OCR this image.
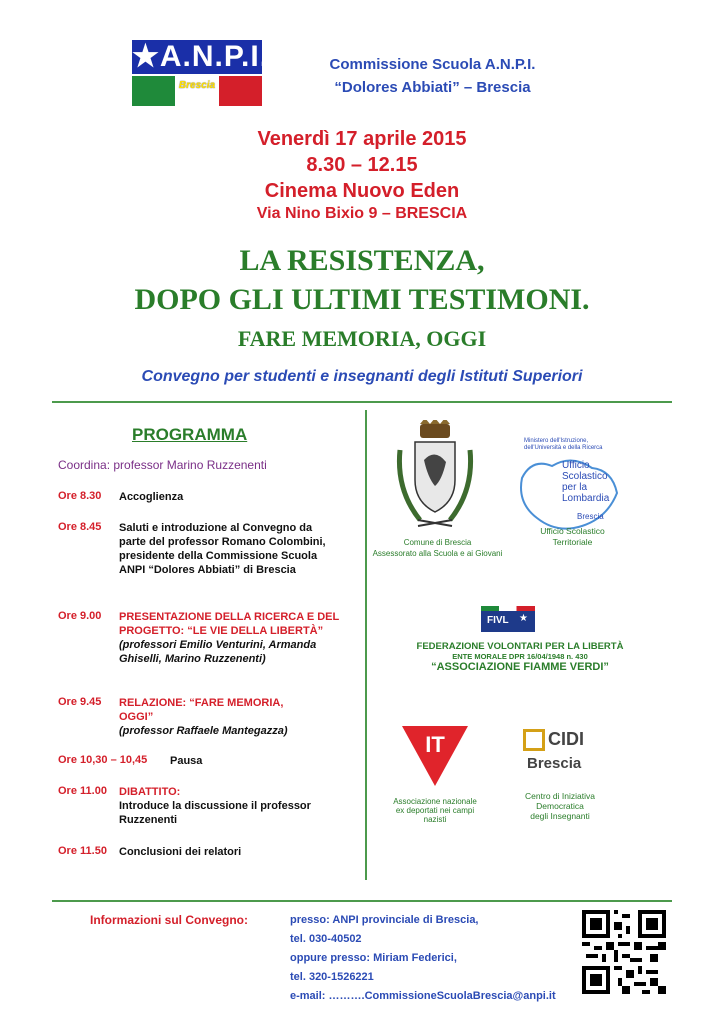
★A.N.P.I.
Brescia
Commissione Scuola A.N.P.I.
“Dolores Abbiati” – Brescia
Venerdì 17 aprile 2015
8.30 – 12.15
Cinema Nuovo Eden
Via Nino Bixio 9 – BRESCIA
LA RESISTENZA,
DOPO GLI ULTIMI TESTIMONI.
FARE MEMORIA, OGGI
Convegno per studenti e insegnanti degli Istituti Superiori
PROGRAMMA
Coordina: professor Marino Ruzzenenti
Ore 8.30 Accoglienza
Ore 8.45 Saluti e introduzione al Convegno da parte del professor Romano Colombini, presidente della Commissione Scuola ANPI “Dolores Abbiati” di Brescia
Ore 9.00 PRESENTAZIONE DELLA RICERCA E DEL PROGETTO: “LE VIE DELLA LIBERTÀ” (professori Emilio Venturini, Armanda Ghiselli, Marino Ruzzenenti)
Ore 9.45 RELAZIONE: “FARE MEMORIA, OGGI”
(professor Raffaele Mantegazza)
Ore 10,30 – 10,45 Pausa
Ore 11.00 DIBATTITO:
Introduce la discussione il professor Ruzzenenti
Ore 11.50 Conclusioni dei relatori
Comune di Brescia
Assessorato alla Scuola e ai Giovani
Ministero dell'Istruzione,
dell'Università e della Ricerca
Ufficio
Scolastico
per la
Lombardia
Brescia
Ufficio Scolastico
Territoriale
FIVL ★
FEDERAZIONE VOLONTARI PER LA LIBERTÀ
ENTE MORALE DPR 16/04/1948 n. 430
“ASSOCIAZIONE FIAMME VERDI”
IT
Associazione nazionale
ex deportati nei campi
nazisti
CIDI
Brescia
Centro di Iniziativa
Democratica
degli Insegnanti
Informazioni sul Convegno:	presso: ANPI provinciale di Brescia,
tel. 030-40502
oppure presso: Miriam Federici,
tel. 320-1526221
e-mail: ……….CommissioneScuolaBrescia@anpi.it
